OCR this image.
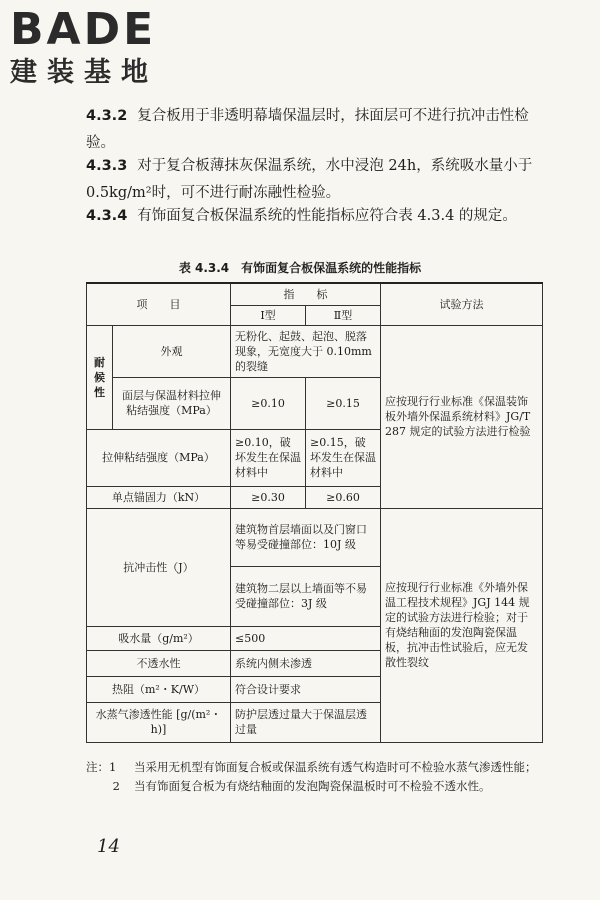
BADE
建装基地
4.3.2 复合板用于非透明幕墙保温层时，抹面层可不进行抗冲击性检验。
4.3.3 对于复合板薄抹灰保温系统，水中浸泡 24h，系统吸水量小于 0.5kg/m²时，可不进行耐冻融性检验。
4.3.4 有饰面复合板保温系统的性能指标应符合表 4.3.4 的规定。
表 4.3.4　有饰面复合板保温系统的性能指标
项　　目		指　　标		试验方法
		Ⅰ型	Ⅱ型	
耐候性	外观	无粉化、起鼓、起泡、脱落现象，无宽度大于 0.10mm 的裂缝		应按现行行业标准《保温装饰板外墙外保温系统材料》JG/T 287 规定的试验方法进行检验
	面层与保温材料拉伸粘结强度（MPa）	≥0.10	≥0.15	
拉伸粘结强度（MPa）		≥0.10，破坏发生在保温材料中	≥0.15，破坏发生在保温材料中	
单点锚固力（kN）		≥0.30	≥0.60	
抗冲击性（J）		建筑物首层墙面以及门窗口等易受碰撞部位：10J 级		应按现行行业标准《外墙外保温工程技术规程》JGJ 144 规定的试验方法进行检验；对于有烧结釉面的发泡陶瓷保温板，抗冲击性试验后，应无发散性裂纹
		建筑物二层以上墙面等不易受碰撞部位：3J 级		
吸水量（g/m²）		≤500		
不透水性		系统内侧未渗透		
热阻（m²・K/W）		符合设计要求		
水蒸气渗透性能 [g/(m²・h)]		防护层透过量大于保温层透过量		
注：1	当采用无机型有饰面复合板或保温系统有透气构造时可不检验水蒸气渗透性能；
2	当有饰面复合板为有烧结釉面的发泡陶瓷保温板时可不检验不透水性。
14
